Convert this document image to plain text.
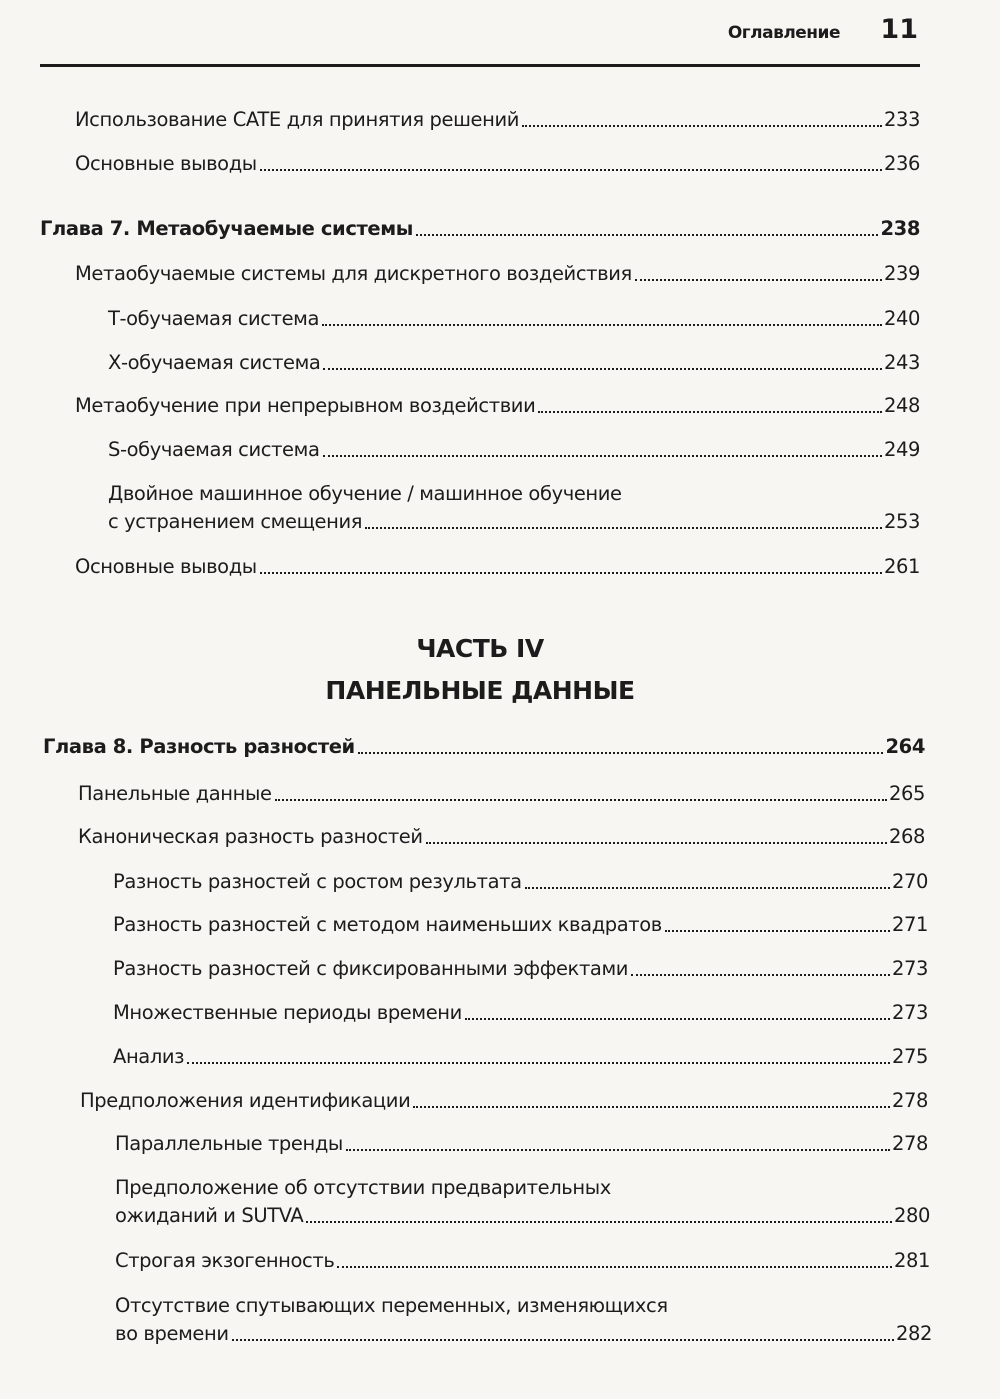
Оглавление 11
Использование CATE для принятия решений	233
Основные выводы	236
Глава 7. Метаобучаемые системы	238
Метаобучаемые системы для дискретного воздействия	239
Т-обучаемая система	240
Х-обучаемая система	243
Метаобучение при непрерывном воздействии	248
S-обучаемая система	249
Двойное машинное обучение / машинное обучение
с устранением смещения	253
Основные выводы	261
ЧАСТЬ IV
ПАНЕЛЬНЫЕ ДАННЫЕ
Глава 8. Разность разностей	264
Панельные данные	265
Каноническая разность разностей	268
Разность разностей с ростом результата	270
Разность разностей с методом наименьших квадратов	271
Разность разностей с фиксированными эффектами	273
Множественные периоды времени	273
Анализ	275
Предположения идентификации	278
Параллельные тренды	278
Предположение об отсутствии предварительных
ожиданий и SUTVA	280
Строгая экзогенность	281
Отсутствие спутывающих переменных, изменяющихся
во времени	282
